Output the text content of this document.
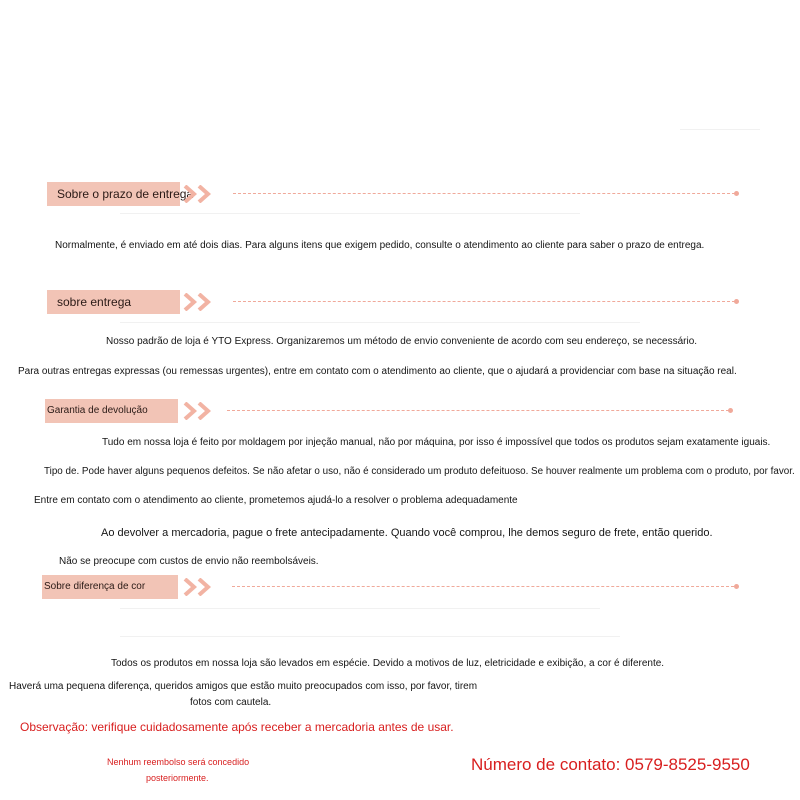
Sobre o prazo de entrega
Normalmente, é enviado em até dois dias. Para alguns itens que exigem pedido, consulte o atendimento ao cliente para saber o prazo de entrega.
sobre entrega
Nosso padrão de loja é YTO Express. Organizaremos um método de envio conveniente de acordo com seu endereço, se necessário.
Para outras entregas expressas (ou remessas urgentes), entre em contato com o atendimento ao cliente, que o ajudará a providenciar com base na situação real.
Garantia de devolução
Tudo em nossa loja é feito por moldagem por injeção manual, não por máquina, por isso é impossível que todos os produtos sejam exatamente iguais.
Tipo de. Pode haver alguns pequenos defeitos. Se não afetar o uso, não é considerado um produto defeituoso. Se houver realmente um problema com o produto, por favor.
Entre em contato com o atendimento ao cliente, prometemos ajudá-lo a resolver o problema adequadamente
Ao devolver a mercadoria, pague o frete antecipadamente. Quando você comprou, lhe demos seguro de frete, então querido.
Não se preocupe com custos de envio não reembolsáveis.
Sobre diferença de cor
Todos os produtos em nossa loja são levados em espécie. Devido a motivos de luz, eletricidade e exibição, a cor é diferente.
Haverá uma pequena diferença, queridos amigos que estão muito preocupados com isso, por favor, tirem
fotos com cautela.
Observação: verifique cuidadosamente após receber a mercadoria antes de usar.
Nenhum reembolso será concedido
posteriormente.
Número de contato: 0579-8525-9550
